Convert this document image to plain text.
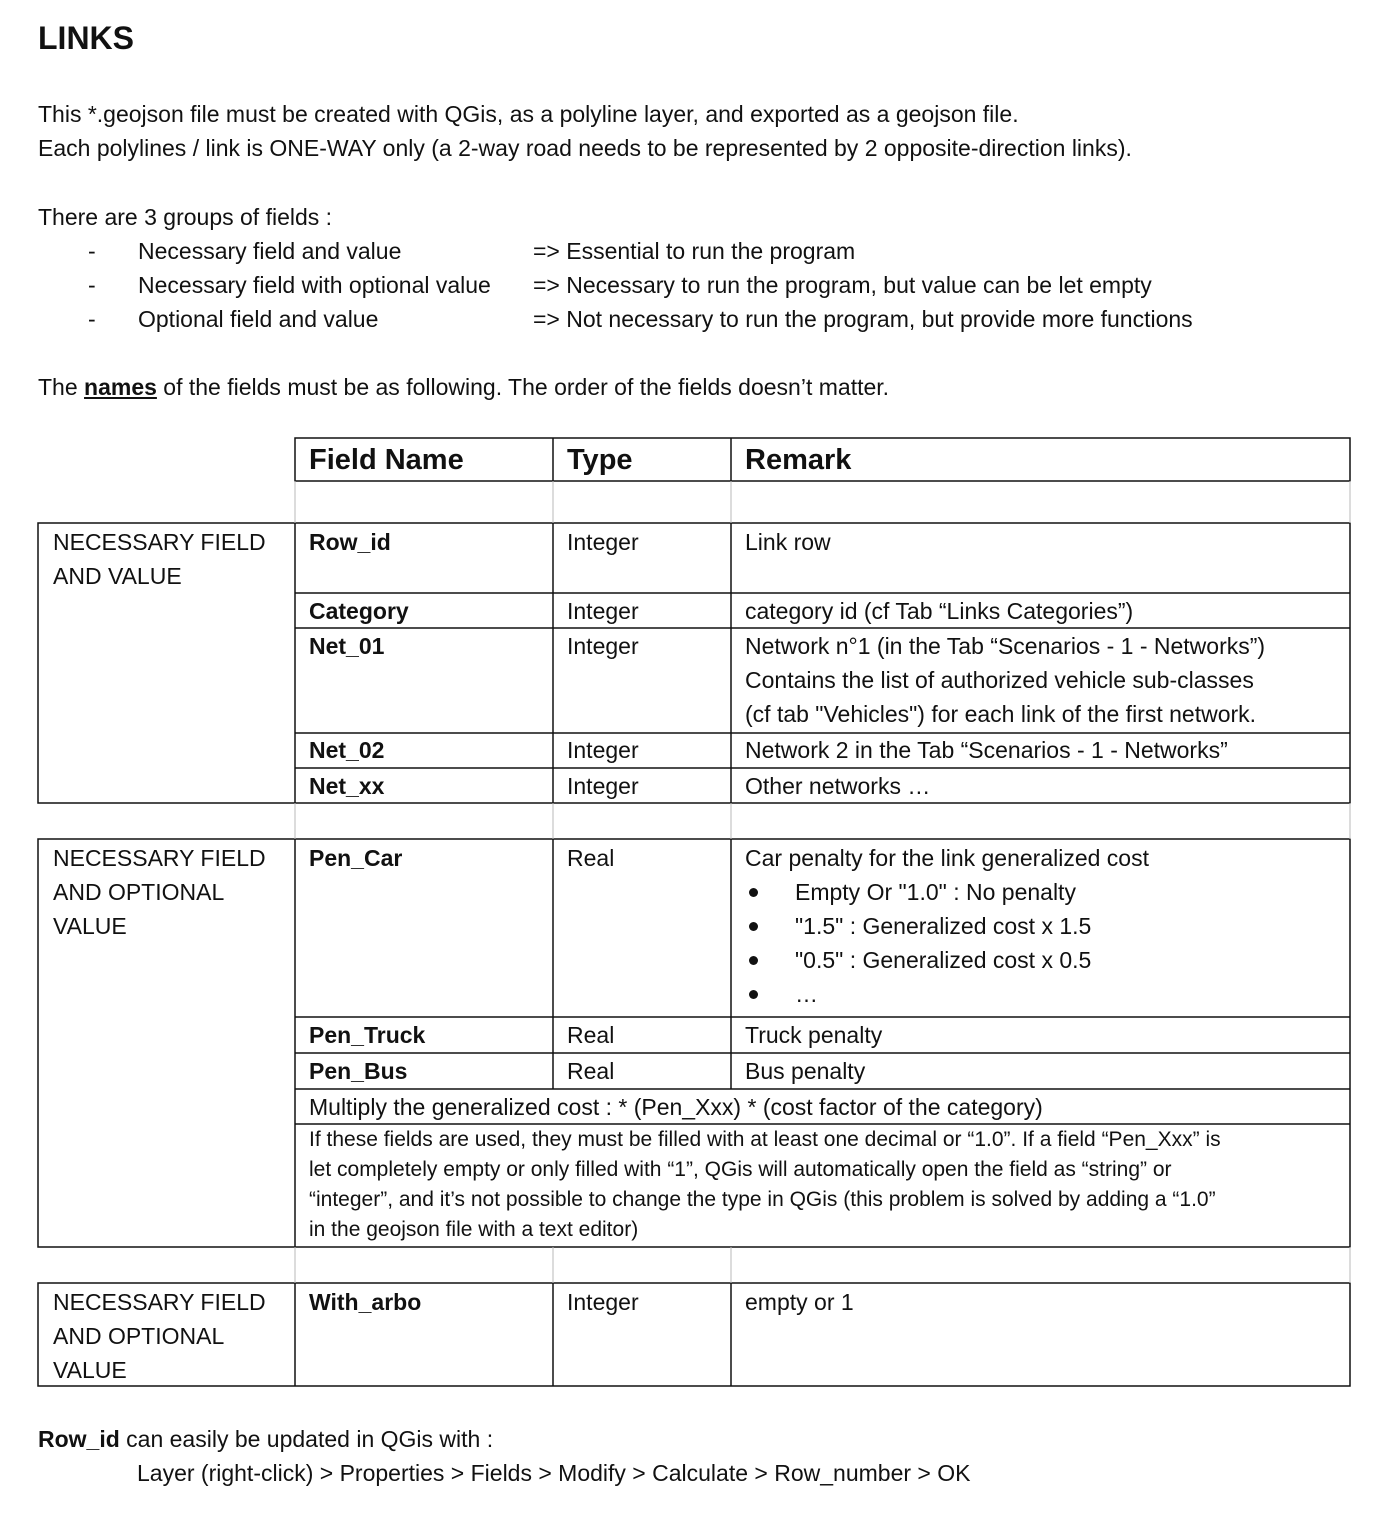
LINKS
This *.geojson file must be created with QGis, as a polyline layer, and exported as a geojson file.
Each polylines / link is ONE-WAY only (a 2-way road needs to be represented by 2 opposite-direction links).
There are 3 groups of fields :
- Necessary field and value	=> Essential to run the program
- Necessary field with optional value => Necessary to run the program, but value can be let empty
- Optional field and value	=> Not necessary to run the program, but provide more functions
The names of the fields must be as following. The order of the fields doesn’t matter.
Field Name	Type	Remark
NECESSARY FIELD
AND VALUE
Row_id	Integer	Link row
Category	Integer	category id (cf Tab “Links Categories”)
Net_01	Integer	Network n°1 (in the Tab “Scenarios - 1 - Networks”)
Contains the list of authorized vehicle sub-classes
(cf tab "Vehicles") for each link of the first network.
Net_02	Integer	Network 2 in the Tab “Scenarios - 1 - Networks”
Net_xx	Integer	Other networks …
NECESSARY FIELD
AND OPTIONAL
VALUE
Pen_Car	Real	Car penalty for the link generalized cost
Empty Or "1.0" : No penalty
"1.5" : Generalized cost x 1.5
"0.5" : Generalized cost x 0.5
…
Pen_Truck	Real	Truck penalty
Pen_Bus	Real	Bus penalty
Multiply the generalized cost : * (Pen_Xxx) * (cost factor of the category)
If these fields are used, they must be filled with at least one decimal or “1.0”. If a field “Pen_Xxx” is
let completely empty or only filled with “1”, QGis will automatically open the field as “string” or
“integer”, and it’s not possible to change the type in QGis (this problem is solved by adding a “1.0”
in the geojson file with a text editor)
NECESSARY FIELD
AND OPTIONAL
VALUE
With_arbo	Integer	empty or 1
Row_id can easily be updated in QGis with :
Layer (right-click) > Properties > Fields > Modify > Calculate > Row_number > OK
